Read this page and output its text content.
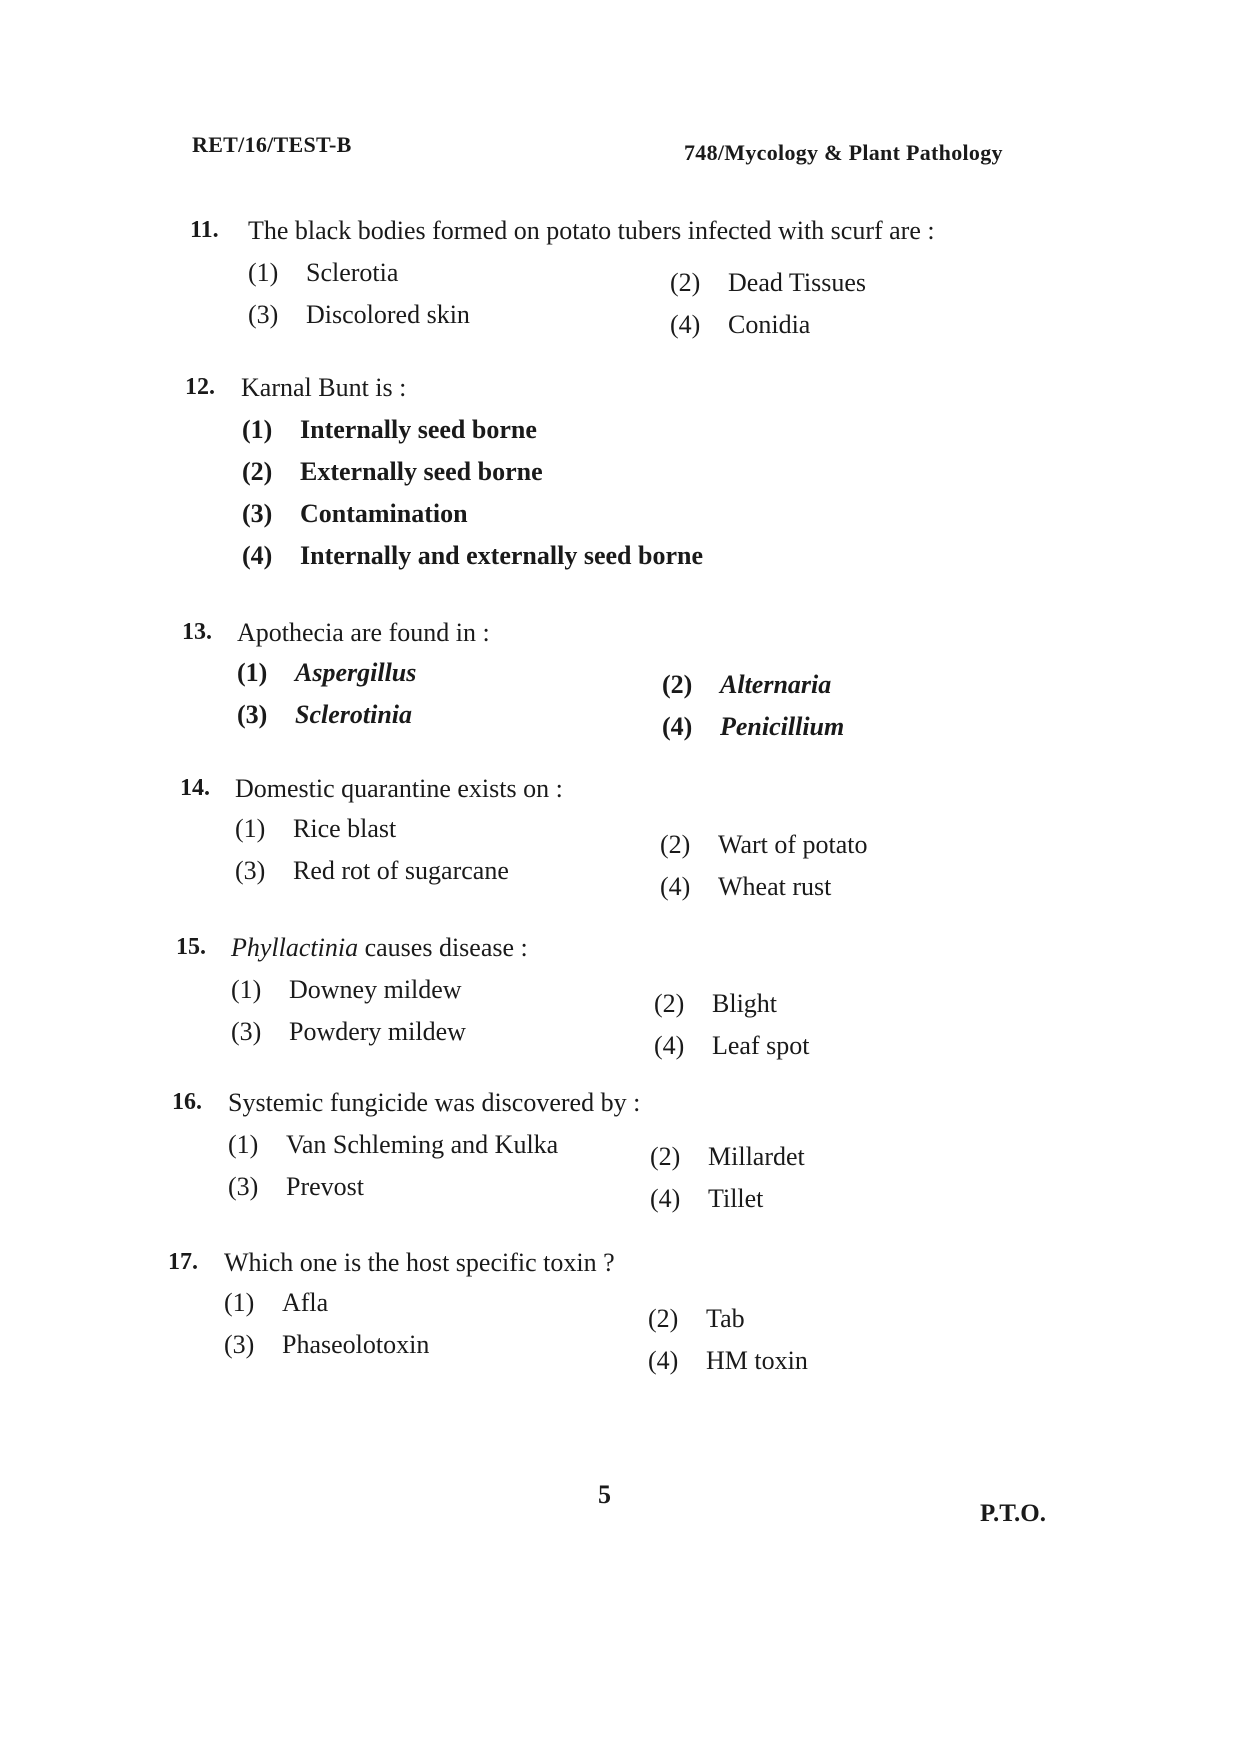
RET/16/TEST-B	748/Mycology & Plant Pathology
11. The black bodies formed on potato tubers infected with scurf are :
(1) Sclerotia	(2) Dead Tissues
(3) Discolored skin	(4) Conidia
12. Karnal Bunt is :
(1) Internally seed borne
(2) Externally seed borne
(3) Contamination
(4) Internally and externally seed borne
13. Apothecia are found in :
(1) Aspergillus	(2) Alternaria
(3) Sclerotinia	(4) Penicillium
14. Domestic quarantine exists on :
(1) Rice blast
(2) Wart of potato
(3) Red rot of sugarcane
(4) Wheat rust
15. Phyllactinia causes disease :
(1) Downey mildew	(2) Blight
(3) Powdery mildew	(4) Leaf spot
16. Systemic fungicide was discovered by :
(1) Van Schleming and Kulka	(2) Millardet
(3) Prevost	(4) Tillet
17. Which one is the host specific toxin ?
(1) Afla
(2) Tab
(3) Phaseolotoxin
(4) HM toxin
5
P.T.O.
